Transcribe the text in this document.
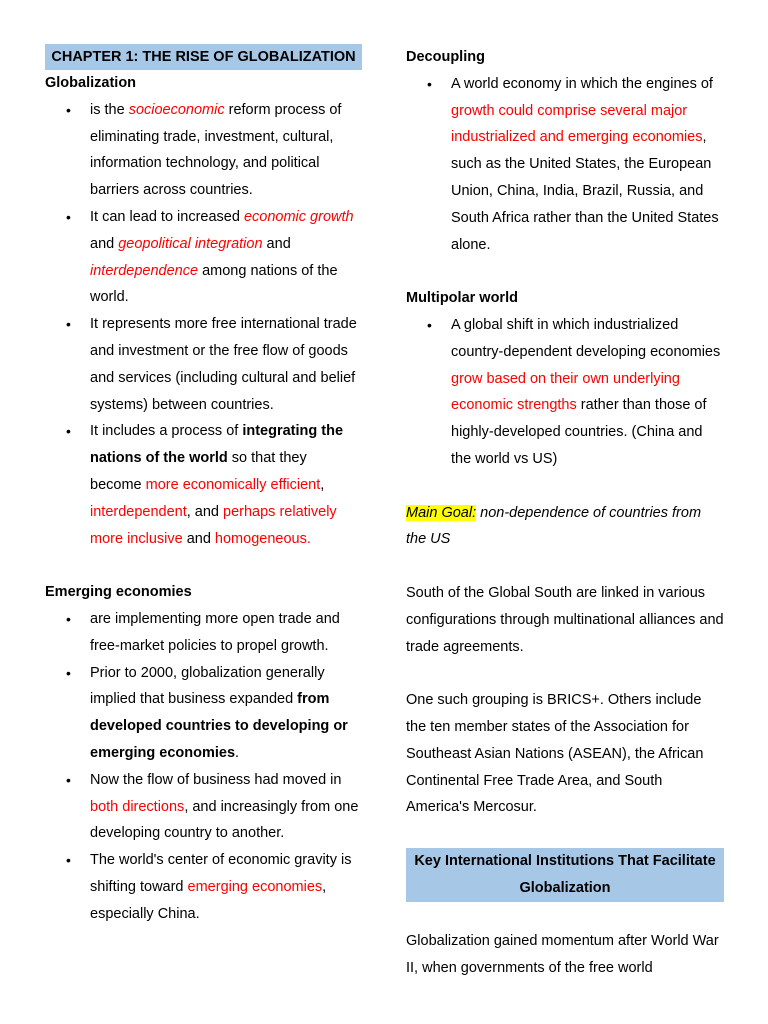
CHAPTER 1: THE RISE OF GLOBALIZATION
Globalization
• is the socioeconomic reform process of eliminating trade, investment, cultural, information technology, and political barriers across countries.
• It can lead to increased economic growth and geopolitical integration and interdependence among nations of the world.
• It represents more free international trade and investment or the free flow of goods and services (including cultural and belief systems) between countries.
• It includes a process of integrating the nations of the world so that they become more economically efficient, interdependent, and perhaps relatively more inclusive and homogeneous.
Emerging economies
• are implementing more open trade and free-market policies to propel growth.
• Prior to 2000, globalization generally implied that business expanded from developed countries to developing or emerging economies.
• Now the flow of business had moved in both directions, and increasingly from one developing country to another.
• The world's center of economic gravity is shifting toward emerging economies, especially China.
Decoupling
• A world economy in which the engines of growth could comprise several major industrialized and emerging economies, such as the United States, the European Union, China, India, Brazil, Russia, and South Africa rather than the United States alone.
Multipolar world
• A global shift in which industrialized country-dependent developing economies grow based on their own underlying economic strengths rather than those of highly-developed countries. (China and the world vs US)
Main Goal: non-dependence of countries from the US
South of the Global South are linked in various configurations through multinational alliances and trade agreements.
One such grouping is BRICS+. Others include the ten member states of the Association for Southeast Asian Nations (ASEAN), the African Continental Free Trade Area, and South America's Mercosur.
Key International Institutions That Facilitate Globalization
Globalization gained momentum after World War II, when governments of the free world
